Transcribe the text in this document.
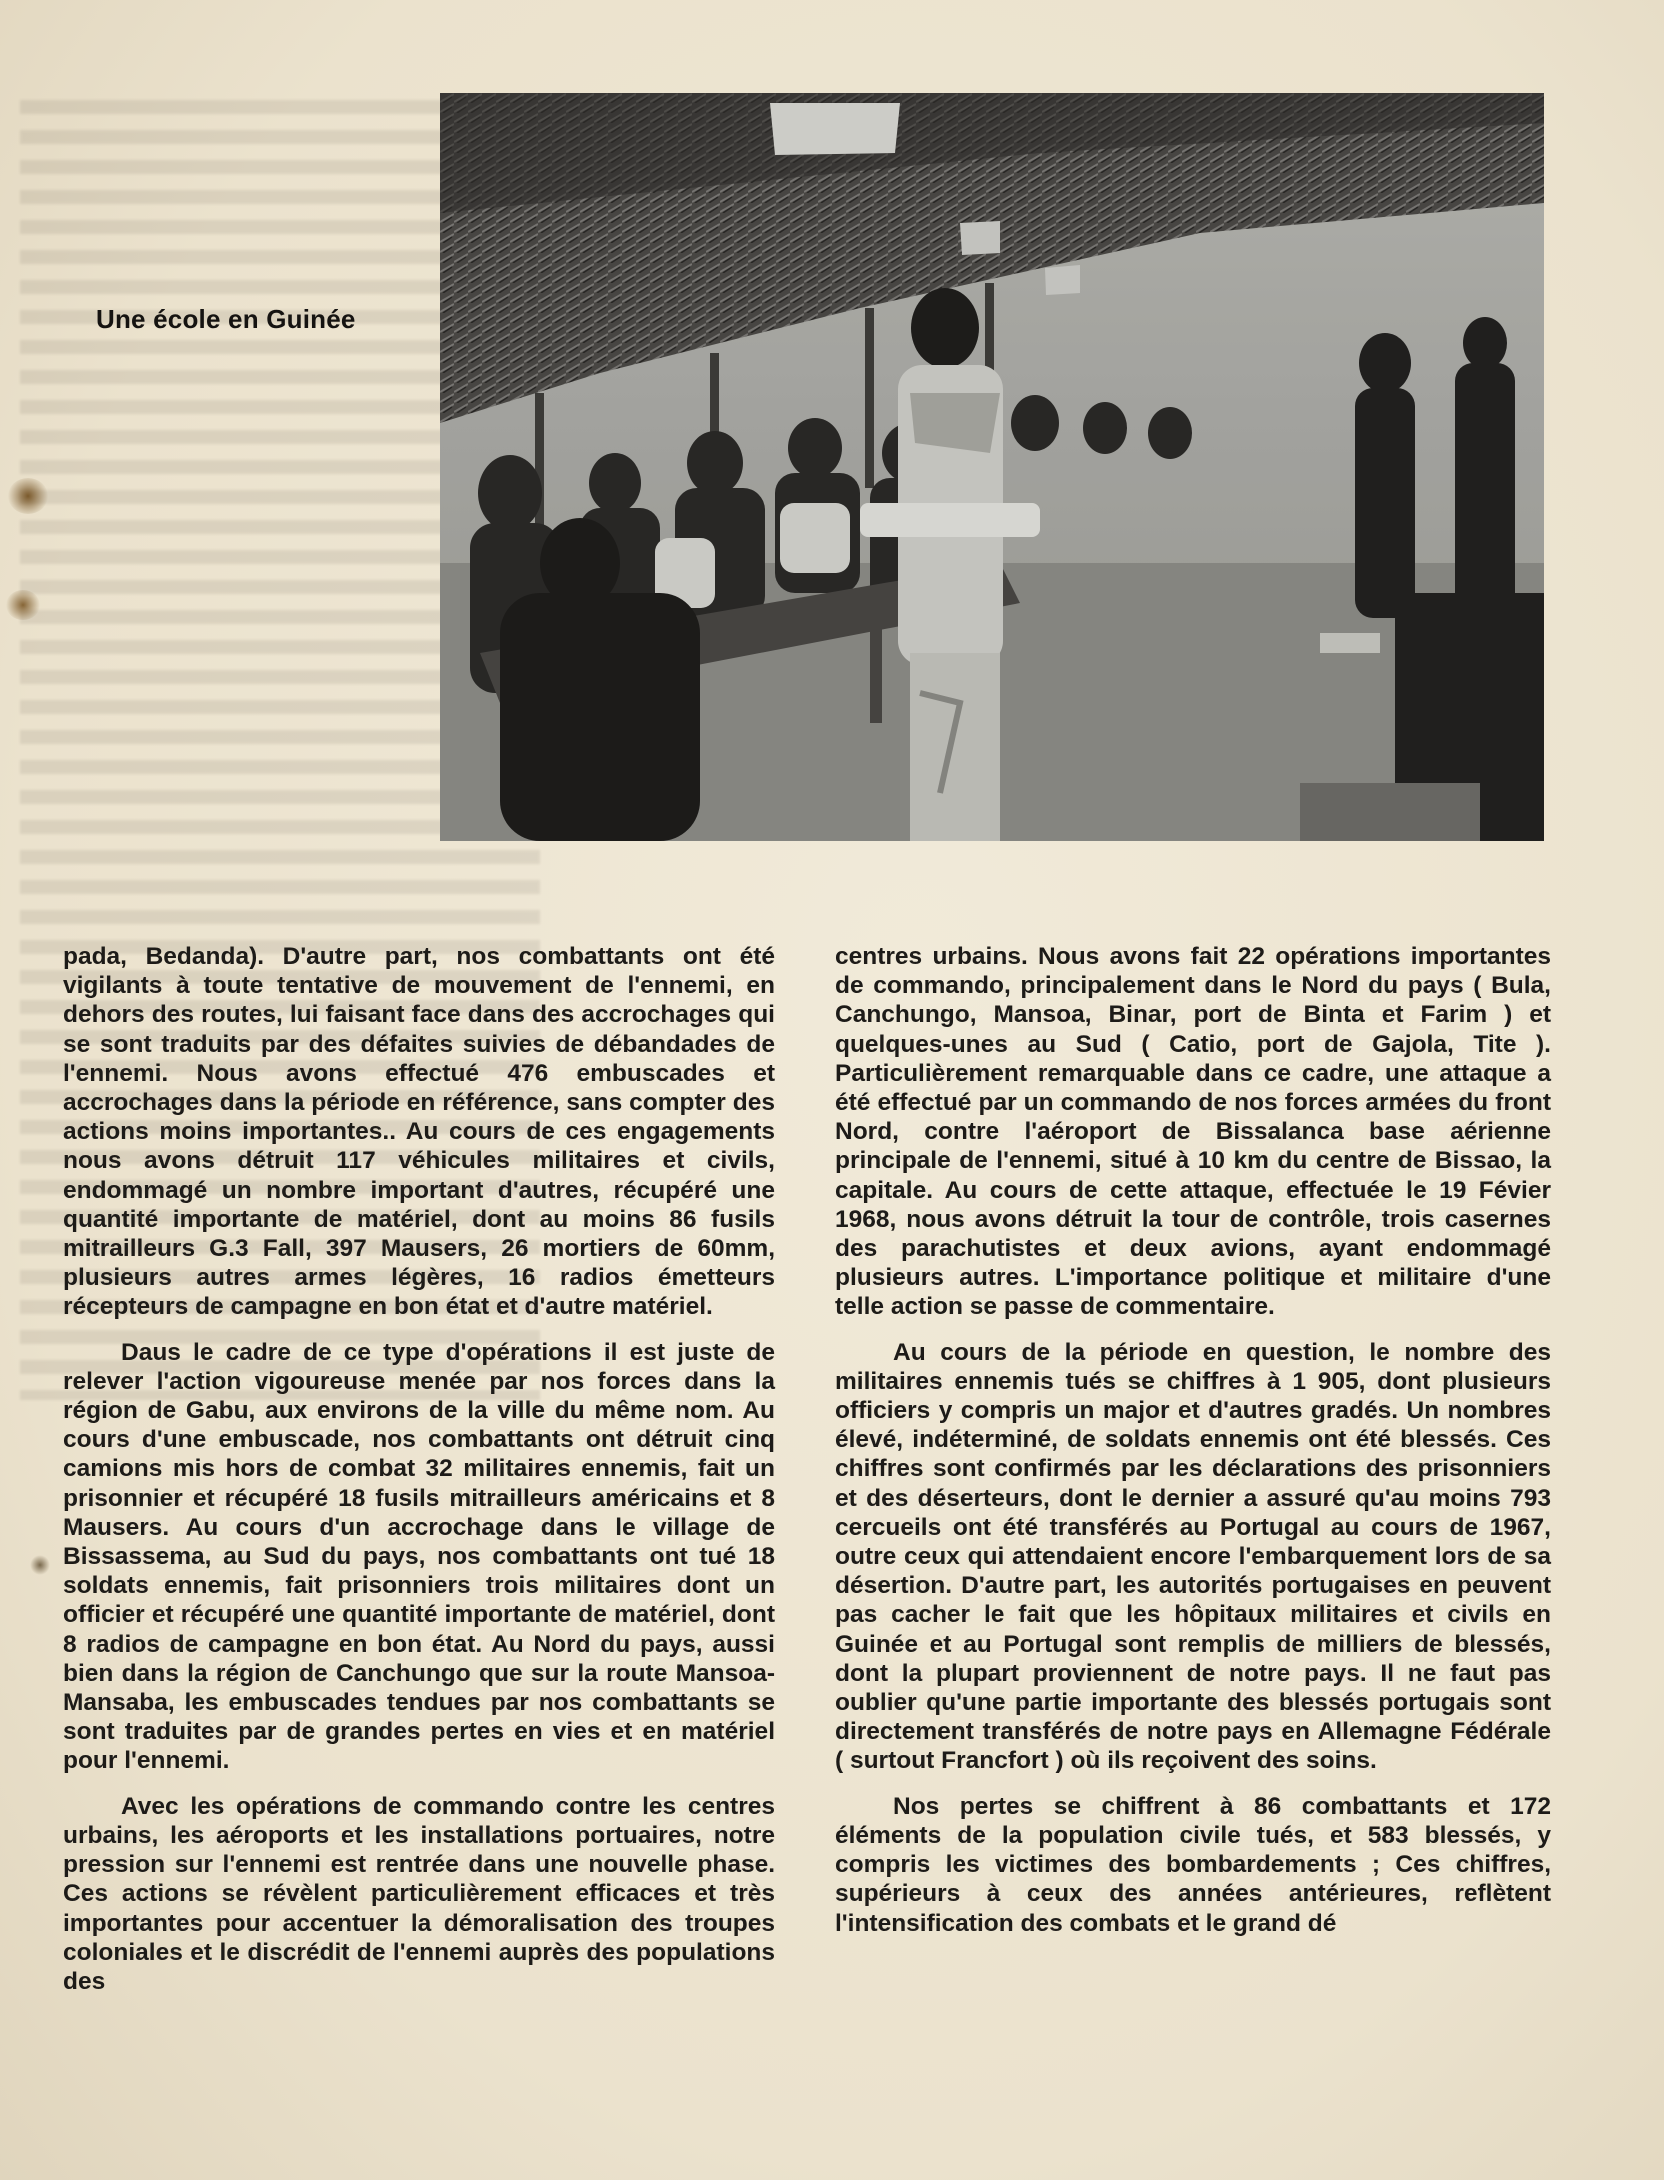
Une école en Guinée

pada, Bedanda). D'autre part, nos combattants ont été vigilants à toute tentative de mouvement de l'ennemi, en dehors des routes, lui faisant face dans des accrochages qui se sont traduits par des défaites suivies de débandades de l'ennemi. Nous avons effectué 476 embuscades et accrochages dans la période en référence, sans compter des actions moins importantes.. Au cours de ces engagements nous avons détruit 117 véhicules militaires et civils, endommagé un nombre important d'autres, récupéré une quantité importante de matériel, dont au moins 86 fusils mitrailleurs G.3 Fall, 397 Mausers, 26 mortiers de 60mm, plusieurs autres armes légères, 16 radios émetteurs récepteurs de campagne en bon état et d'autre matériel.

Daus le cadre de ce type d'opérations il est juste de relever l'action vigoureuse menée par nos forces dans la région de Gabu, aux environs de la ville du même nom. Au cours d'une embuscade, nos combattants ont détruit cinq camions mis hors de combat 32 militaires ennemis, fait un prisonnier et récupéré 18 fusils mitrailleurs américains et 8 Mausers. Au cours d'un accrochage dans le village de Bissassema, au Sud du pays, nos combattants ont tué 18 soldats ennemis, fait prisonniers trois militaires dont un officier et récupéré une quantité importante de matériel, dont 8 radios de campagne en bon état. Au Nord du pays, aussi bien dans la région de Canchungo que sur la route Mansoa-Mansaba, les embuscades tendues par nos combattants se sont traduites par de grandes pertes en vies et en matériel pour l'ennemi.

Avec les opérations de commando contre les centres urbains, les aéroports et les installations portuaires, notre pression sur l'ennemi est rentrée dans une nouvelle phase. Ces actions se révèlent particulièrement efficaces et très importantes pour accentuer la démoralisation des troupes coloniales et le discrédit de l'ennemi auprès des populations des

centres urbains. Nous avons fait 22 opérations importantes de commando, principalement dans le Nord du pays ( Bula, Canchungo, Mansoa, Binar, port de Binta et Farim ) et quelques-unes au Sud ( Catio, port de Gajola, Tite ). Particulièrement remarquable dans ce cadre, une attaque a été effectué par un commando de nos forces armées du front Nord, contre l'aéroport de Bissalanca base aérienne principale de l'ennemi, situé à 10 km du centre de Bissao, la capitale. Au cours de cette attaque, effectuée le 19 Févier 1968, nous avons détruit la tour de contrôle, trois casernes des parachutistes et deux avions, ayant endommagé plusieurs autres. L'importance politique et militaire d'une telle action se passe de commentaire.

Au cours de la période en question, le nombre des militaires ennemis tués se chiffres à 1 905, dont plusieurs officiers y compris un major et d'autres gradés. Un nombres élevé, indéterminé, de soldats ennemis ont été blessés. Ces chiffres sont confirmés par les déclarations des prisonniers et des déserteurs, dont le dernier a assuré qu'au moins 793 cercueils ont été transférés au Portugal au cours de 1967, outre ceux qui attendaient encore l'embarquement lors de sa désertion. D'autre part, les autorités portugaises en peuvent pas cacher le fait que les hôpitaux militaires et civils en Guinée et au Portugal sont remplis de milliers de blessés, dont la plupart proviennent de notre pays. Il ne faut pas oublier qu'une partie importante des blessés portugais sont directement transférés de notre pays en Allemagne Fédérale ( surtout Francfort ) où ils reçoivent des soins.

Nos pertes se chiffrent à 86 combattants et 172 éléments de la population civile tués, et 583 blessés, y compris les victimes des bombardements ; Ces chiffres, supérieurs à ceux des années antérieures, reflètent l'intensification des combats et le grand dé
